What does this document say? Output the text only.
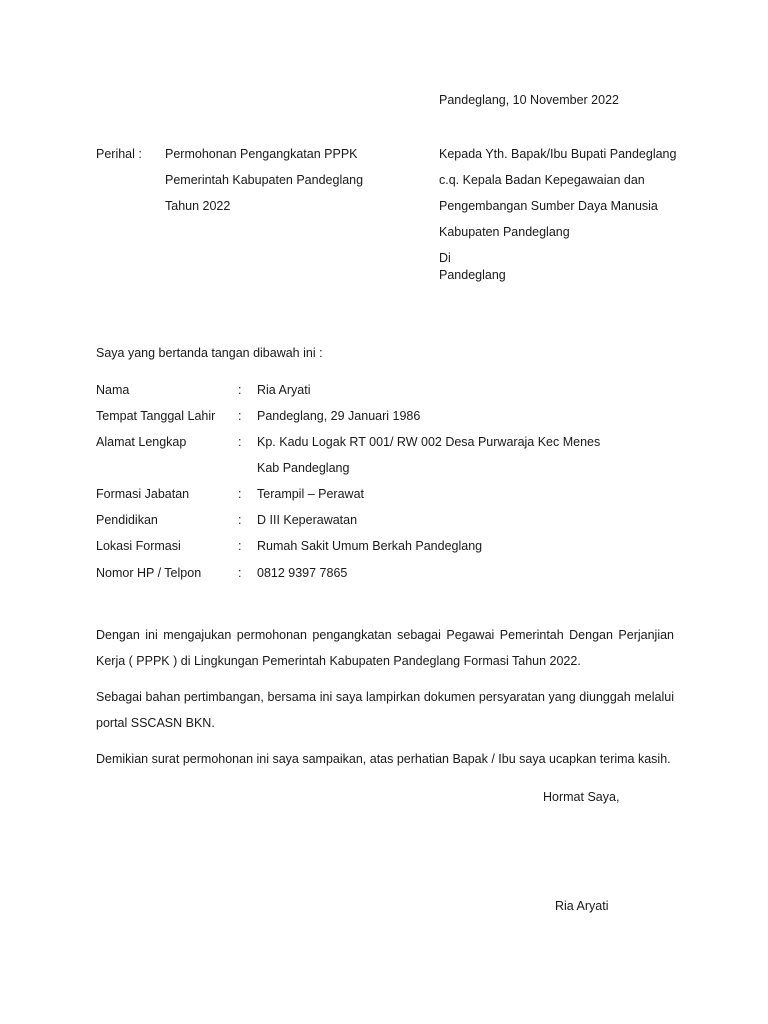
Pandeglang, 10 November 2022
Perihal : Permohonan Pengangkatan PPPK
Pemerintah Kabupaten Pandeglang
Tahun 2022
Kepada Yth. Bapak/Ibu Bupati Pandeglang
c.q. Kepala Badan Kepegawaian dan
Pengembangan Sumber Daya Manusia
Kabupaten Pandeglang
Di
Pandeglang
Saya yang bertanda tangan dibawah ini :
Nama	: Ria Aryati
Tempat Tanggal Lahir : Pandeglang, 29 Januari 1986
Alamat Lengkap	: Kp. Kadu Logak RT 001/ RW 002 Desa Purwaraja Kec Menes
Kab Pandeglang
Formasi Jabatan	: Terampil – Perawat
Pendidikan	: D III Keperawatan
Lokasi Formasi	: Rumah Sakit Umum Berkah Pandeglang
Nomor HP / Telpon	: 0812 9397 7865
Dengan ini mengajukan permohonan pengangkatan sebagai Pegawai Pemerintah Dengan Perjanjian Kerja ( PPPK ) di Lingkungan Pemerintah Kabupaten Pandeglang Formasi Tahun 2022.
Sebagai bahan pertimbangan, bersama ini saya lampirkan dokumen persyaratan yang diunggah melalui portal SSCASN BKN.
Demikian surat permohonan ini saya sampaikan, atas perhatian Bapak / Ibu saya ucapkan terima kasih.
Hormat Saya,
Ria Aryati
